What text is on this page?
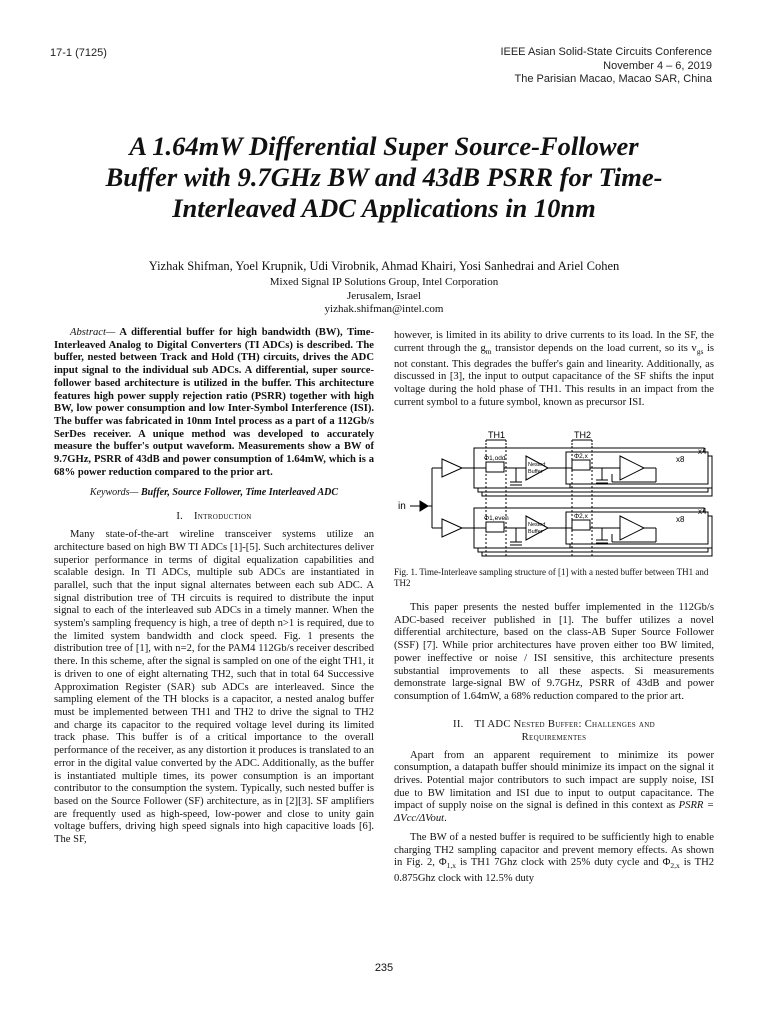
17-1 (7125)	IEEE Asian Solid-State Circuits Conference
November 4 – 6, 2019
The Parisian Macao, Macao SAR, China
A 1.64mW Differential Super Source-Follower
Buffer with 9.7GHz BW and 43dB PSRR for Time-
Interleaved ADC Applications in 10nm
Yizhak Shifman, Yoel Krupnik, Udi Virobnik, Ahmad Khairi, Yosi Sanhedrai and Ariel Cohen
Mixed Signal IP Solutions Group, Intel Corporation
Jerusalem, Israel
yizhak.shifman@intel.com

Abstract— A differential buffer for high bandwidth (BW), Time-Interleaved Analog to Digital Converters (TI ADCs) is described. The buffer, nested between Track and Hold (TH) circuits, drives the ADC input signal to the individual sub ADCs. A differential, super source-follower based architecture is utilized in the buffer. This architecture features high power supply rejection ratio (PSRR) together with high BW, low power consumption and low Inter-Symbol Interference (ISI). The buffer was fabricated in 10nm Intel process as a part of a 112Gb/s SerDes receiver. A unique method was developed to accurately measure the buffer's output waveform. Measurements show a BW of 9.7GHz, PSRR of 43dB and power consumption of 1.64mW, which is a 68% power reduction compared to the prior art.

Keywords— Buffer, Source Follower, Time Interleaved ADC
I. Introduction

Many state-of-the-art wireline transceiver systems utilize an architecture based on high BW TI ADCs [1]-[5]. Such architectures deliver superior performance in terms of digital equalization capabilities and scalable design. In TI ADCs, multiple sub ADCs are instantiated in parallel, such that the input signal alternates between each sub ADC. A signal distribution tree of TH circuits is required to distribute the input signal to each of the interleaved sub ADCs in a timely manner. When the system's sampling frequency is high, a tree of depth n>1 is required, due to the limited system bandwidth and clock speed. Fig. 1 presents the distribution tree of [1], with n=2, for the PAM4 112Gb/s receiver described there. In this scheme, after the signal is sampled on one of the eight TH1, it is driven to one of eight alternating TH2, such that in total 64 Successive Approximation Register (SAR) sub ADCs are interleaved. Since the sampling element of the TH blocks is a capacitor, a nested analog buffer must be implemented between TH1 and TH2 to drive the signal to TH2 and charge its capacitor to the required voltage level during its limited track phase. This buffer is of a critical importance to the overall performance of the receiver, as any distortion it produces is translated to an error in the digital value converted by the ADC. Additionally, as the buffer is instantiated multiple times, its power consumption is an important contributor to the consumption the system. Typically, such nested buffer is based on the Source Follower (SF) architecture, as in [2][3]. SF amplifiers are frequently used as high-speed, low-power and close to unity gain voltage buffers, driving high speed signals into high capacitive loads [6]. The SF,

however, is limited in its ability to drive currents to its load. In the SF, the current through the $g_m$ transistor depends on the load current, so its $v_{gs}$ is not constant. This degrades the buffer's gain and linearity. Additionally, as discussed in [3], the input to output capacitance of the SF shifts the input voltage during the hold phase of TH1. This results in an impact from the current symbol to a future symbol, known as precursor ISI.

TH1	TH2
in
x8
x4
x8
x4
Φ1,odd
Φ1,even
Φ2,x
Φ2,x
Nested
Buffer
Nested
Buffer

Fig. 1. Time-Interleave sampling structure of [1] with a nested buffer between TH1 and TH2

This paper presents the nested buffer implemented in the 112Gb/s ADC-based receiver published in [1]. The buffer utilizes a novel differential architecture, based on the class-AB Super Source Follower (SSF) [7]. While prior architectures have proven either too BW limited, power ineffective or noise / ISI sensitive, this architecture presents substantial improvements to all these aspects. Si measurements demonstrate large-signal BW of 9.7GHz, PSRR of 43dB and power consumption of 1.64mW, a 68% reduction compared to the prior art.

II. TI ADC Nested Buffer: Challenges and
Requirementes

Apart from an apparent requirement to minimize its power consumption, a datapath buffer should minimize its impact on the signal it drives. Potential major contributors to such impact are supply noise, ISI due to BW limitation and ISI due to input to output capacitance. The impact of supply noise on the signal is defined in this context as PSRR = ΔVcc/ΔVout.

The BW of a nested buffer is required to be sufficiently high to enable charging TH2 sampling capacitor and prevent memory effects. As shown in Fig. 2, $\Phi_{1,x}$ is TH1 7Ghz clock with 25% duty cycle and $\Phi_{2,x}$ is TH2 0.875Ghz clock with 12.5% duty

235
